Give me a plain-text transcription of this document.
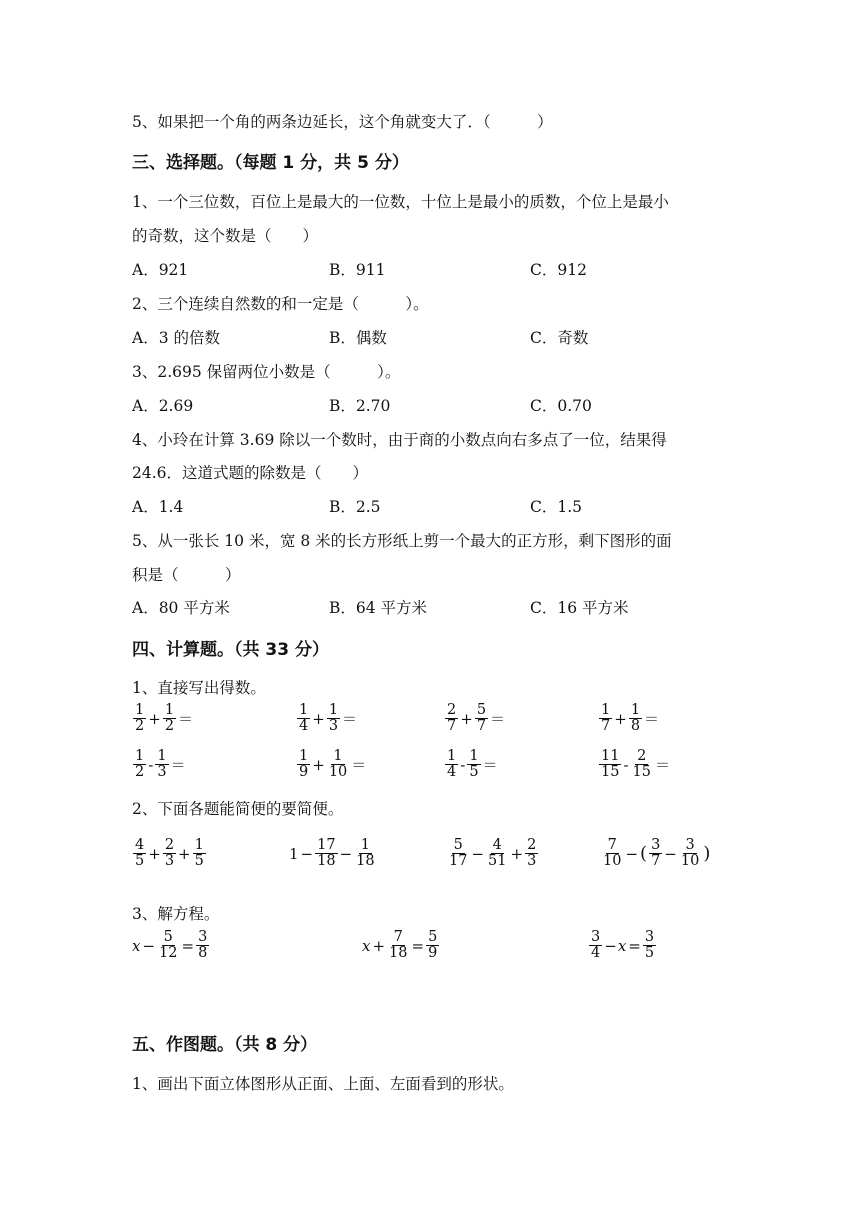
5、如果把一个角的两条边延长，这个角就变大了．（　　　）
三、选择题。（每题 1 分，共 5 分）
1、一个三位数，百位上是最大的一位数，十位上是最小的质数，个位上是最小
的奇数，这个数是（　　）
A．921	B．911	C．912
2、三个连续自然数的和一定是（　　　）。
A．3 的倍数	B．偶数	C．奇数
3、2.695 保留两位小数是（　　　）。
A．2.69	B．2.70	C．0.70
4、小玲在计算 3.69 除以一个数时，由于商的小数点向右多点了一位，结果得
24.6．这道式题的除数是（　　）
A．1.4	B．2.5	C．1.5
5、从一张长 10 米，宽 8 米的长方形纸上剪一个最大的正方形，剩下图形的面
积是（　　　）
A．80 平方米	B．64 平方米	C．16 平方米
四、计算题。（共 33 分）
1、直接写出得数。
$\frac{1}{2} + \frac{1}{2}$ ＝	$\frac{1}{4} + \frac{1}{3}$ ＝	$\frac{2}{7} + \frac{5}{7}$ ＝	$\frac{1}{7} + \frac{1}{8}$ ＝
$\frac{1}{2} - \frac{1}{3}$ ＝	$\frac{1}{9} + \frac{1}{10}$ ＝	$\frac{1}{4} - \frac{1}{5}$ ＝	$\frac{11}{15} - \frac{2}{15}$ ＝
2、下面各题能简便的要简便。
$\frac{4}{5} + \frac{2}{3} + \frac{1}{5}$	$1 - \frac{17}{18} - \frac{1}{18}$	$\frac{5}{17} - \frac{4}{51} + \frac{2}{3}$	$\frac{7}{10}$ − ( $\frac{3}{7} - \frac{3}{10}$ )
3、解方程。
$x - \frac{5}{12} = \frac{3}{8}$	$x + \frac{7}{18} = \frac{5}{9}$	$\frac{3}{4} - x = \frac{3}{5}$
五、作图题。（共 8 分）
1、画出下面立体图形从正面、上面、左面看到的形状。
